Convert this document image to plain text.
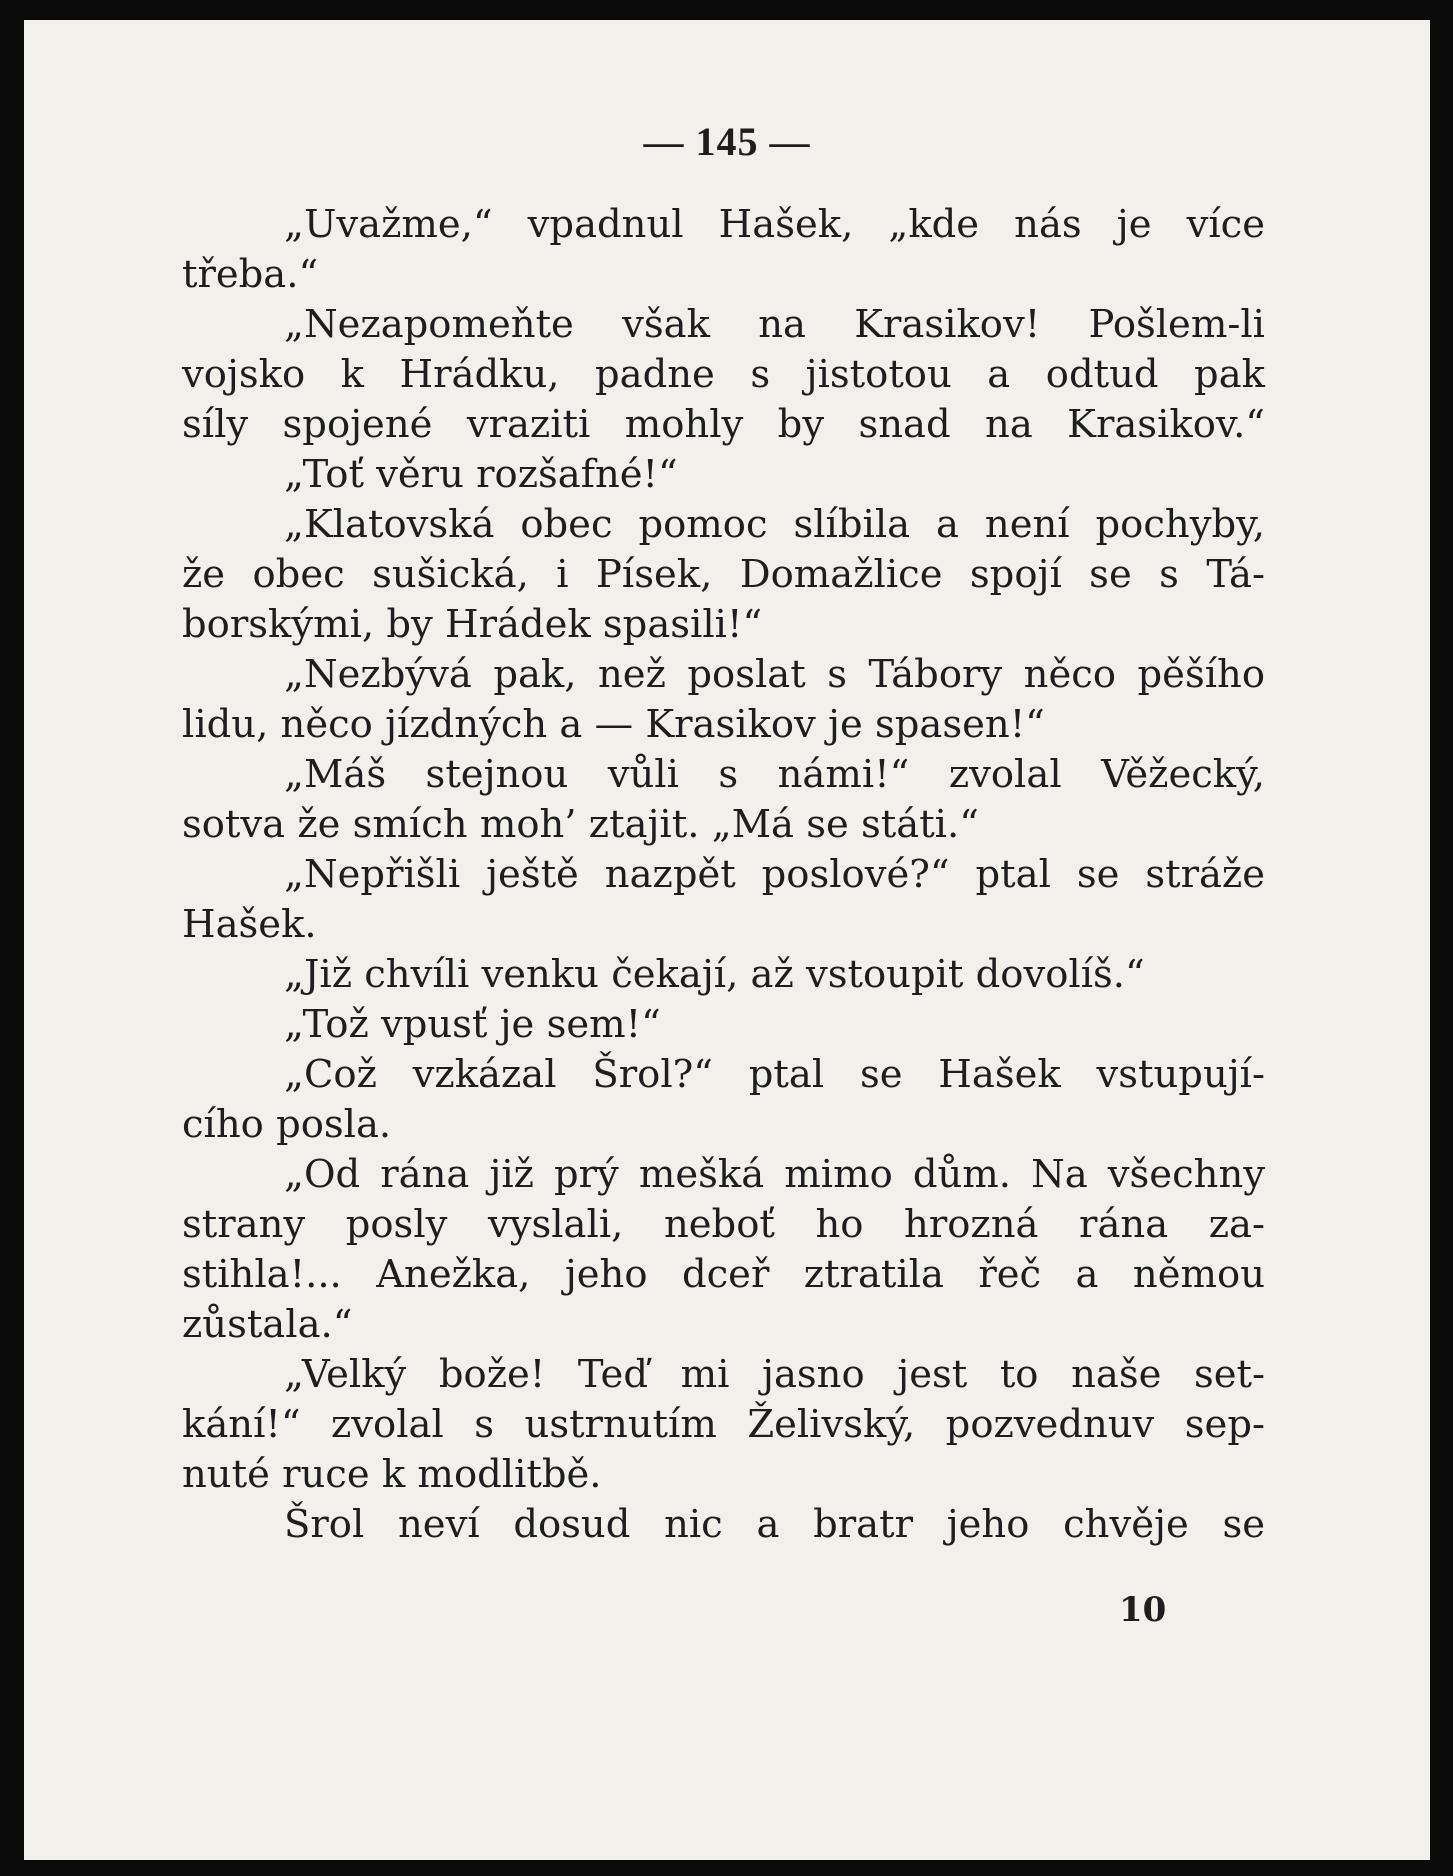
— 145 —
„Uvažme,“ vpadnul Hašek, „kde nás je více
třeba.“
„Nezapomeňte však na Krasikov! Pošlem-li
vojsko k Hrádku, padne s jistotou a odtud pak
síly spojené vraziti mohly by snad na Krasikov.“
„Toť věru rozšafné!“
„Klatovská obec pomoc slíbila a není pochyby,
že obec sušická, i Písek, Domažlice spojí se s Tá-
borskými, by Hrádek spasili!“
„Nezbývá pak, než poslat s Tábory něco pěšího
lidu, něco jízdných a — Krasikov je spasen!“
„Máš stejnou vůli s námi!“ zvolal Věžecký,
sotva že smích moh’ ztajit. „Má se státi.“
„Nepřišli ještě nazpět poslové?“ ptal se stráže
Hašek.
„Již chvíli venku čekají, až vstoupit dovolíš.“
„Tož vpusť je sem!“
„Což vzkázal Šrol?“ ptal se Hašek vstupují-
cího posla.
„Od rána již prý mešká mimo dům. Na všechny
strany posly vyslali, neboť ho hrozná rána za-
stihla!... Anežka, jeho dceř ztratila řeč a němou
zůstala.“
„Velký bože! Teď mi jasno jest to naše set-
kání!“ zvolal s ustrnutím Želivský, pozvednuv sep-
nuté ruce k modlitbě.
Šrol neví dosud nic a bratr jeho chvěje se
10
